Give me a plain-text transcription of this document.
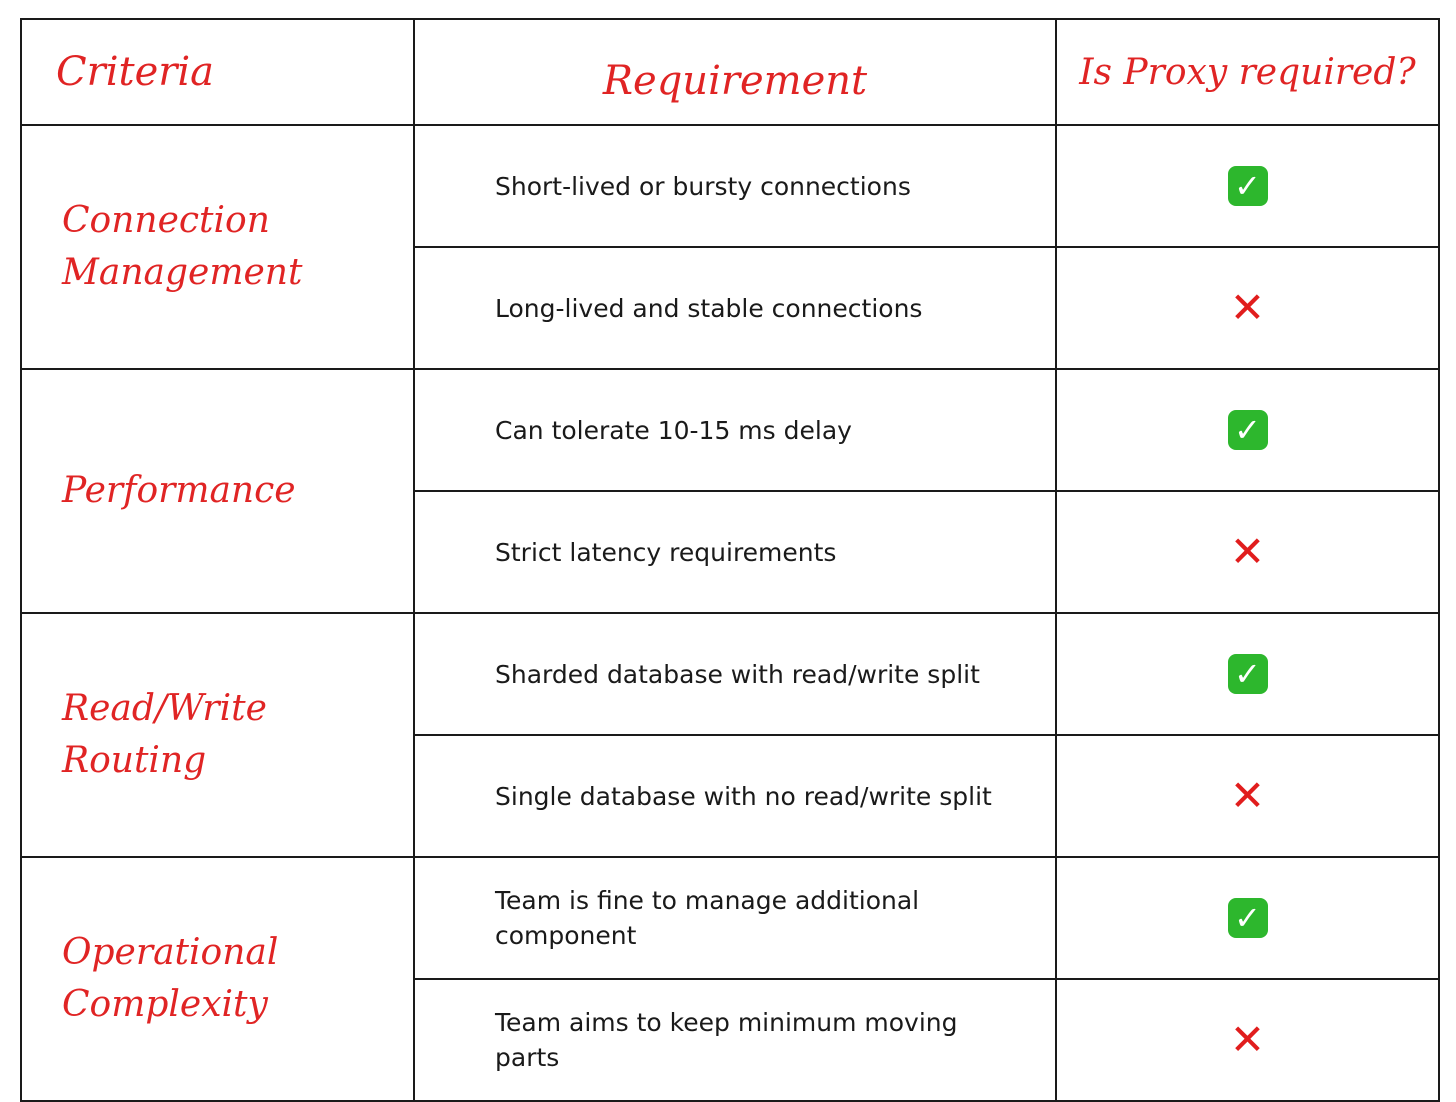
Criteria	Requirement	Is Proxy required?

Connection
Management	Short-lived or bursty connections	✓
	Long-lived and stable connections	✕

Performance	Can tolerate 10-15 ms delay	✓
	Strict latency requirements	✕

Read/Write
Routing	Sharded database with read/write split	✓
	Single database with no read/write split	✕

Operational
Complexity	Team is fine to manage additional component	✓
	Team aims to keep minimum moving parts	✕
